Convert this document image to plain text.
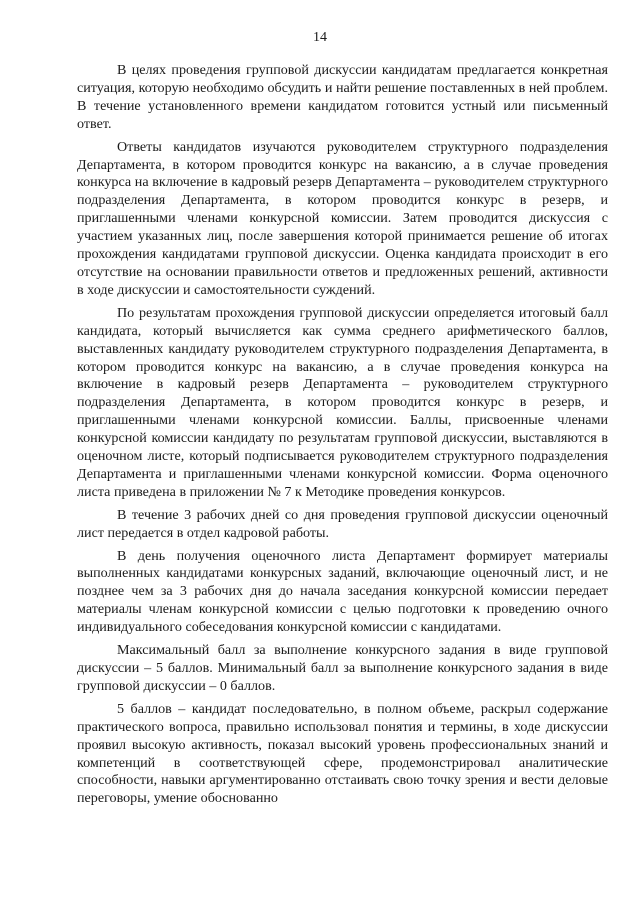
14

В целях проведения групповой дискуссии кандидатам предлагается конкретная ситуация, которую необходимо обсудить и найти решение поставленных в ней проблем. В течение установленного времени кандидатом готовится устный или письменный ответ.

Ответы кандидатов изучаются руководителем структурного подразделения Департамента, в котором проводится конкурс на вакансию, а в случае проведения конкурса на включение в кадровый резерв Департамента – руководителем структурного подразделения Департамента, в котором проводится конкурс в резерв, и приглашенными членами конкурсной комиссии. Затем проводится дискуссия с участием указанных лиц, после завершения которой принимается решение об итогах прохождения кандидатами групповой дискуссии. Оценка кандидата происходит в его отсутствие на основании правильности ответов и предложенных решений, активности в ходе дискуссии и самостоятельности суждений.

По результатам прохождения групповой дискуссии определяется итоговый балл кандидата, который вычисляется как сумма среднего арифметического баллов, выставленных кандидату руководителем структурного подразделения Департамента, в котором проводится конкурс на вакансию, а в случае проведения конкурса на включение в кадровый резерв Департамента – руководителем структурного подразделения Департамента, в котором проводится конкурс в резерв, и приглашенными членами конкурсной комиссии. Баллы, присвоенные членами конкурсной комиссии кандидату по результатам групповой дискуссии, выставляются в оценочном листе, который подписывается руководителем структурного подразделения Департамента и приглашенными членами конкурсной комиссии. Форма оценочного листа приведена в приложении № 7 к Методике проведения конкурсов.

В течение 3 рабочих дней со дня проведения групповой дискуссии оценочный лист передается в отдел кадровой работы.

В день получения оценочного листа Департамент формирует материалы выполненных кандидатами конкурсных заданий, включающие оценочный лист, и не позднее чем за 3 рабочих дня до начала заседания конкурсной комиссии передает материалы членам конкурсной комиссии с целью подготовки к проведению очного индивидуального собеседования конкурсной комиссии с кандидатами.

Максимальный балл за выполнение конкурсного задания в виде групповой дискуссии – 5 баллов. Минимальный балл за выполнение конкурсного задания в виде групповой дискуссии – 0 баллов.

5 баллов – кандидат последовательно, в полном объеме, раскрыл содержание практического вопроса, правильно использовал понятия и термины, в ходе дискуссии проявил высокую активность, показал высокий уровень профессиональных знаний и компетенций в соответствующей сфере, продемонстрировал аналитические способности, навыки аргументированно отстаивать свою точку зрения и вести деловые переговоры, умение обоснованно
